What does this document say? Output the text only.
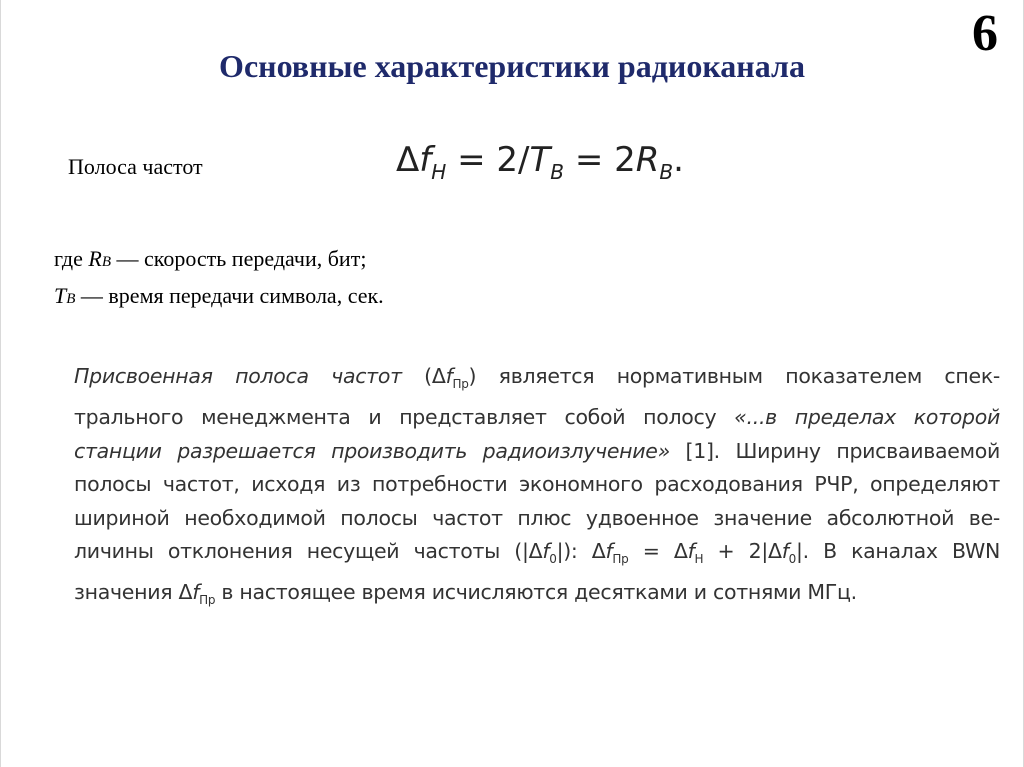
6
Основные характеристики радиоканала
Полоса частот	$\Delta f_H = 2/T_B = 2R_B$.
где RB — скорость передачи, бит;
TB — время передачи символа, сек.
Присвоенная полоса частот $(\Delta f_{Пр})$ является нормативным показателем спек-
трального менеджмента и представляет собой полосу «...в пределах которой
станции разрешается производить радиоизлучение» [1]. Ширину присваиваемой
полосы частот, исходя из потребности экономного расходования РЧР, определяют
шириной необходимой полосы частот плюс удвоенное значение абсолютной ве-
личины отклонения несущей частоты $(|\Delta f_0|)$: $\Delta f_{Пр} = \Delta f_Н + 2|\Delta f_0|$. В каналах BWN
значения $\Delta f_{Пр}$ в настоящее время исчисляются десятками и сотнями МГц.
